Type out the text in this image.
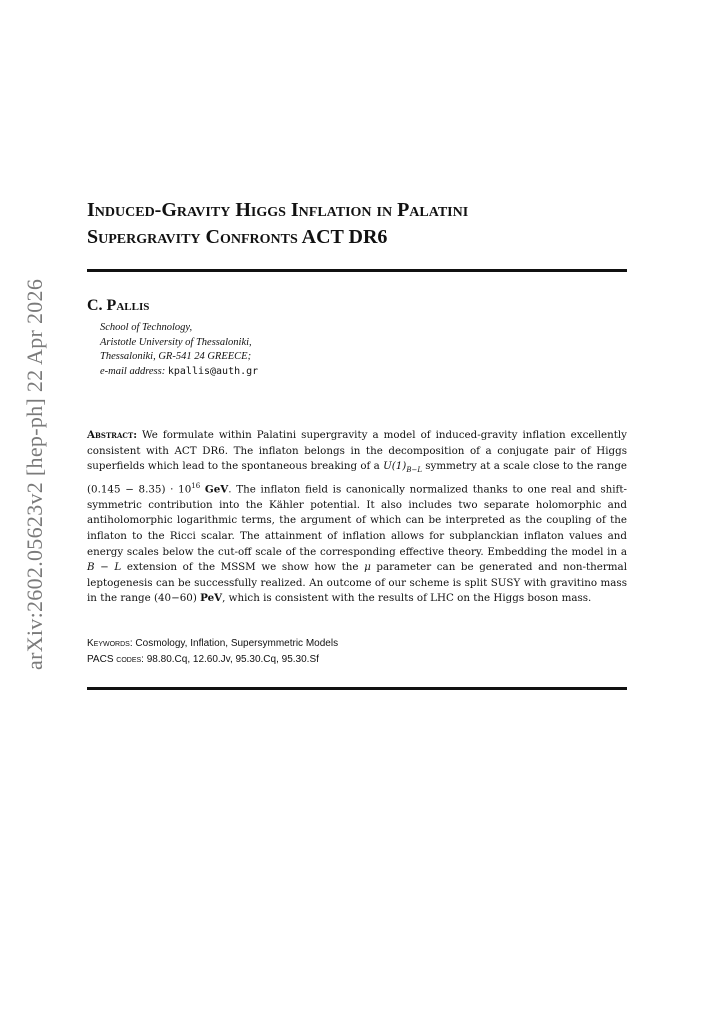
arXiv:2602.05623v2 [hep-ph] 22 Apr 2026
Induced-Gravity Higgs Inflation in Palatini
Supergravity Confronts ACT DR6
C. Pallis
School of Technology,
Aristotle University of Thessaloniki,
Thessaloniki, GR-541 24 GREECE;
e-mail address: kpallis@auth.gr
Abstract: We formulate within Palatini supergravity a model of induced-gravity inflation excellently consistent with ACT DR6. The inflaton belongs in the decomposition of a conjugate pair of Higgs superfields which lead to the spontaneous breaking of a $U(1)_{B-L}$ symmetry at a scale close to the range $(0.145 - 8.35) \cdot 10^{16}$ GeV. The inflaton field is canonically normalized thanks to one real and shift-symmetric contribution into the Kähler potential. It also includes two separate holomorphic and antiholomorphic logarithmic terms, the argument of which can be interpreted as the coupling of the inflaton to the Ricci scalar. The attainment of inflation allows for subplanckian inflaton values and energy scales below the cut-off scale of the corresponding effective theory. Embedding the model in a B − L extension of the MSSM we show how the μ parameter can be generated and non-thermal leptogenesis can be successfully realized. An outcome of our scheme is split SUSY with gravitino mass in the range (40−60) PeV, which is consistent with the results of LHC on the Higgs boson mass.
Keywords: Cosmology, Inflation, Supersymmetric Models
PACS codes: 98.80.Cq, 12.60.Jv, 95.30.Cq, 95.30.Sf
